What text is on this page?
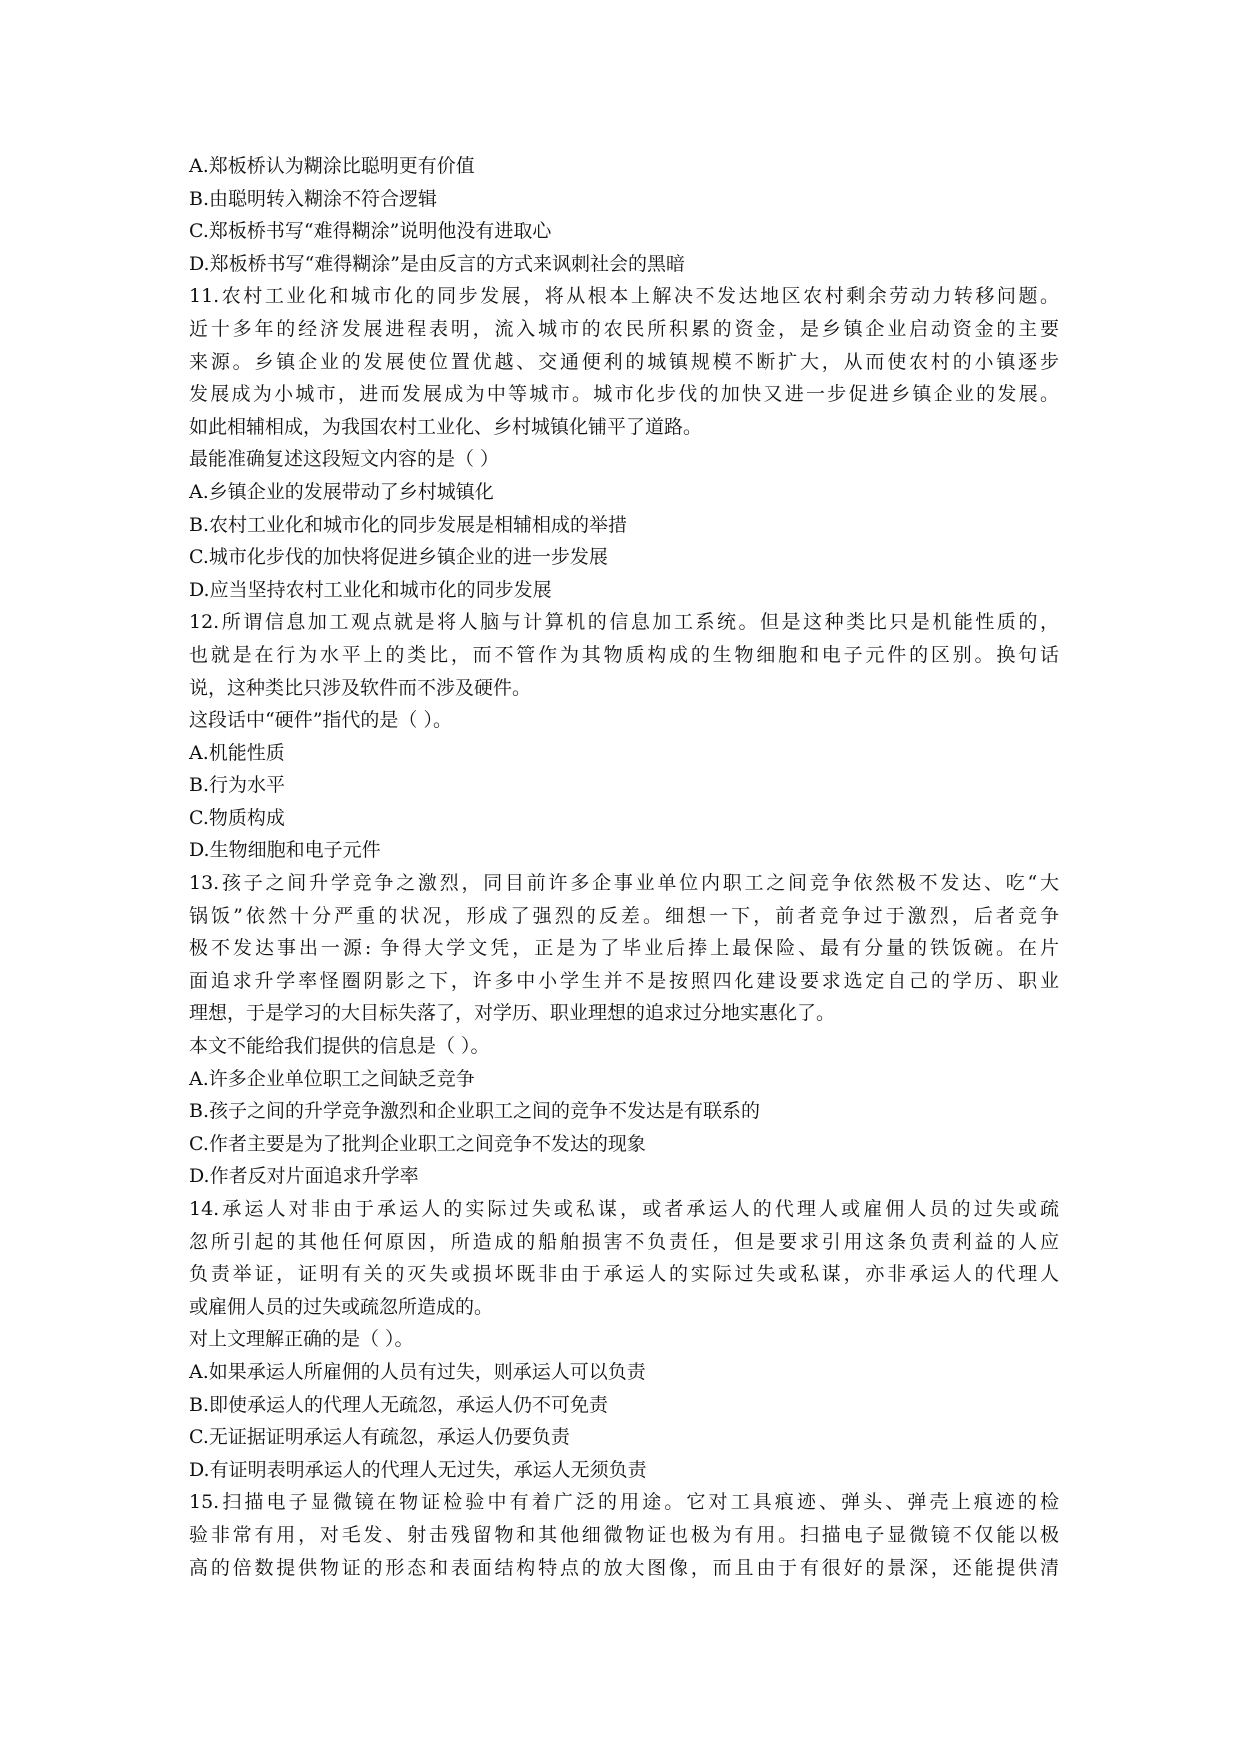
A.郑板桥认为糊涂比聪明更有价值
B.由聪明转入糊涂不符合逻辑
C.郑板桥书写“难得糊涂”说明他没有进取心
D.郑板桥书写“难得糊涂”是由反言的方式来讽刺社会的黑暗
11.农村工业化和城市化的同步发展，将从根本上解决不发达地区农村剩余劳动力转移问题。
近十多年的经济发展进程表明，流入城市的农民所积累的资金，是乡镇企业启动资金的主要
来源。乡镇企业的发展使位置优越、交通便利的城镇规模不断扩大，从而使农村的小镇逐步
发展成为小城市，进而发展成为中等城市。城市化步伐的加快又进一步促进乡镇企业的发展。
如此相辅相成，为我国农村工业化、乡村城镇化铺平了道路。
最能准确复述这段短文内容的是（ ）
A.乡镇企业的发展带动了乡村城镇化
B.农村工业化和城市化的同步发展是相辅相成的举措
C.城市化步伐的加快将促进乡镇企业的进一步发展
D.应当坚持农村工业化和城市化的同步发展
12.所谓信息加工观点就是将人脑与计算机的信息加工系统。但是这种类比只是机能性质的，
也就是在行为水平上的类比，而不管作为其物质构成的生物细胞和电子元件的区别。换句话
说，这种类比只涉及软件而不涉及硬件。
这段话中“硬件”指代的是（ ）。
A.机能性质
B.行为水平
C.物质构成
D.生物细胞和电子元件
13.孩子之间升学竞争之激烈，同目前许多企事业单位内职工之间竞争依然极不发达、吃“大
锅饭”依然十分严重的状况，形成了强烈的反差。细想一下，前者竞争过于激烈，后者竞争
极不发达事出一源: 争得大学文凭，正是为了毕业后捧上最保险、最有分量的铁饭碗。在片
面追求升学率怪圈阴影之下，许多中小学生并不是按照四化建设要求选定自己的学历、职业
理想，于是学习的大目标失落了，对学历、职业理想的追求过分地实惠化了。
本文不能给我们提供的信息是（ ）。
A.许多企业单位职工之间缺乏竞争
B.孩子之间的升学竞争激烈和企业职工之间的竞争不发达是有联系的
C.作者主要是为了批判企业职工之间竞争不发达的现象
D.作者反对片面追求升学率
14.承运人对非由于承运人的实际过失或私谋，或者承运人的代理人或雇佣人员的过失或疏
忽所引起的其他任何原因，所造成的船舶损害不负责任，但是要求引用这条负责利益的人应
负责举证，证明有关的灭失或损坏既非由于承运人的实际过失或私谋，亦非承运人的代理人
或雇佣人员的过失或疏忽所造成的。
对上文理解正确的是（ ）。
A.如果承运人所雇佣的人员有过失，则承运人可以负责
B.即使承运人的代理人无疏忽，承运人仍不可免责
C.无证据证明承运人有疏忽，承运人仍要负责
D.有证明表明承运人的代理人无过失，承运人无须负责
15.扫描电子显微镜在物证检验中有着广泛的用途。它对工具痕迹、弹头、弹壳上痕迹的检
验非常有用，对毛发、射击残留物和其他细微物证也极为有用。扫描电子显微镜不仅能以极
高的倍数提供物证的形态和表面结构特点的放大图像，而且由于有很好的景深，还能提供清
